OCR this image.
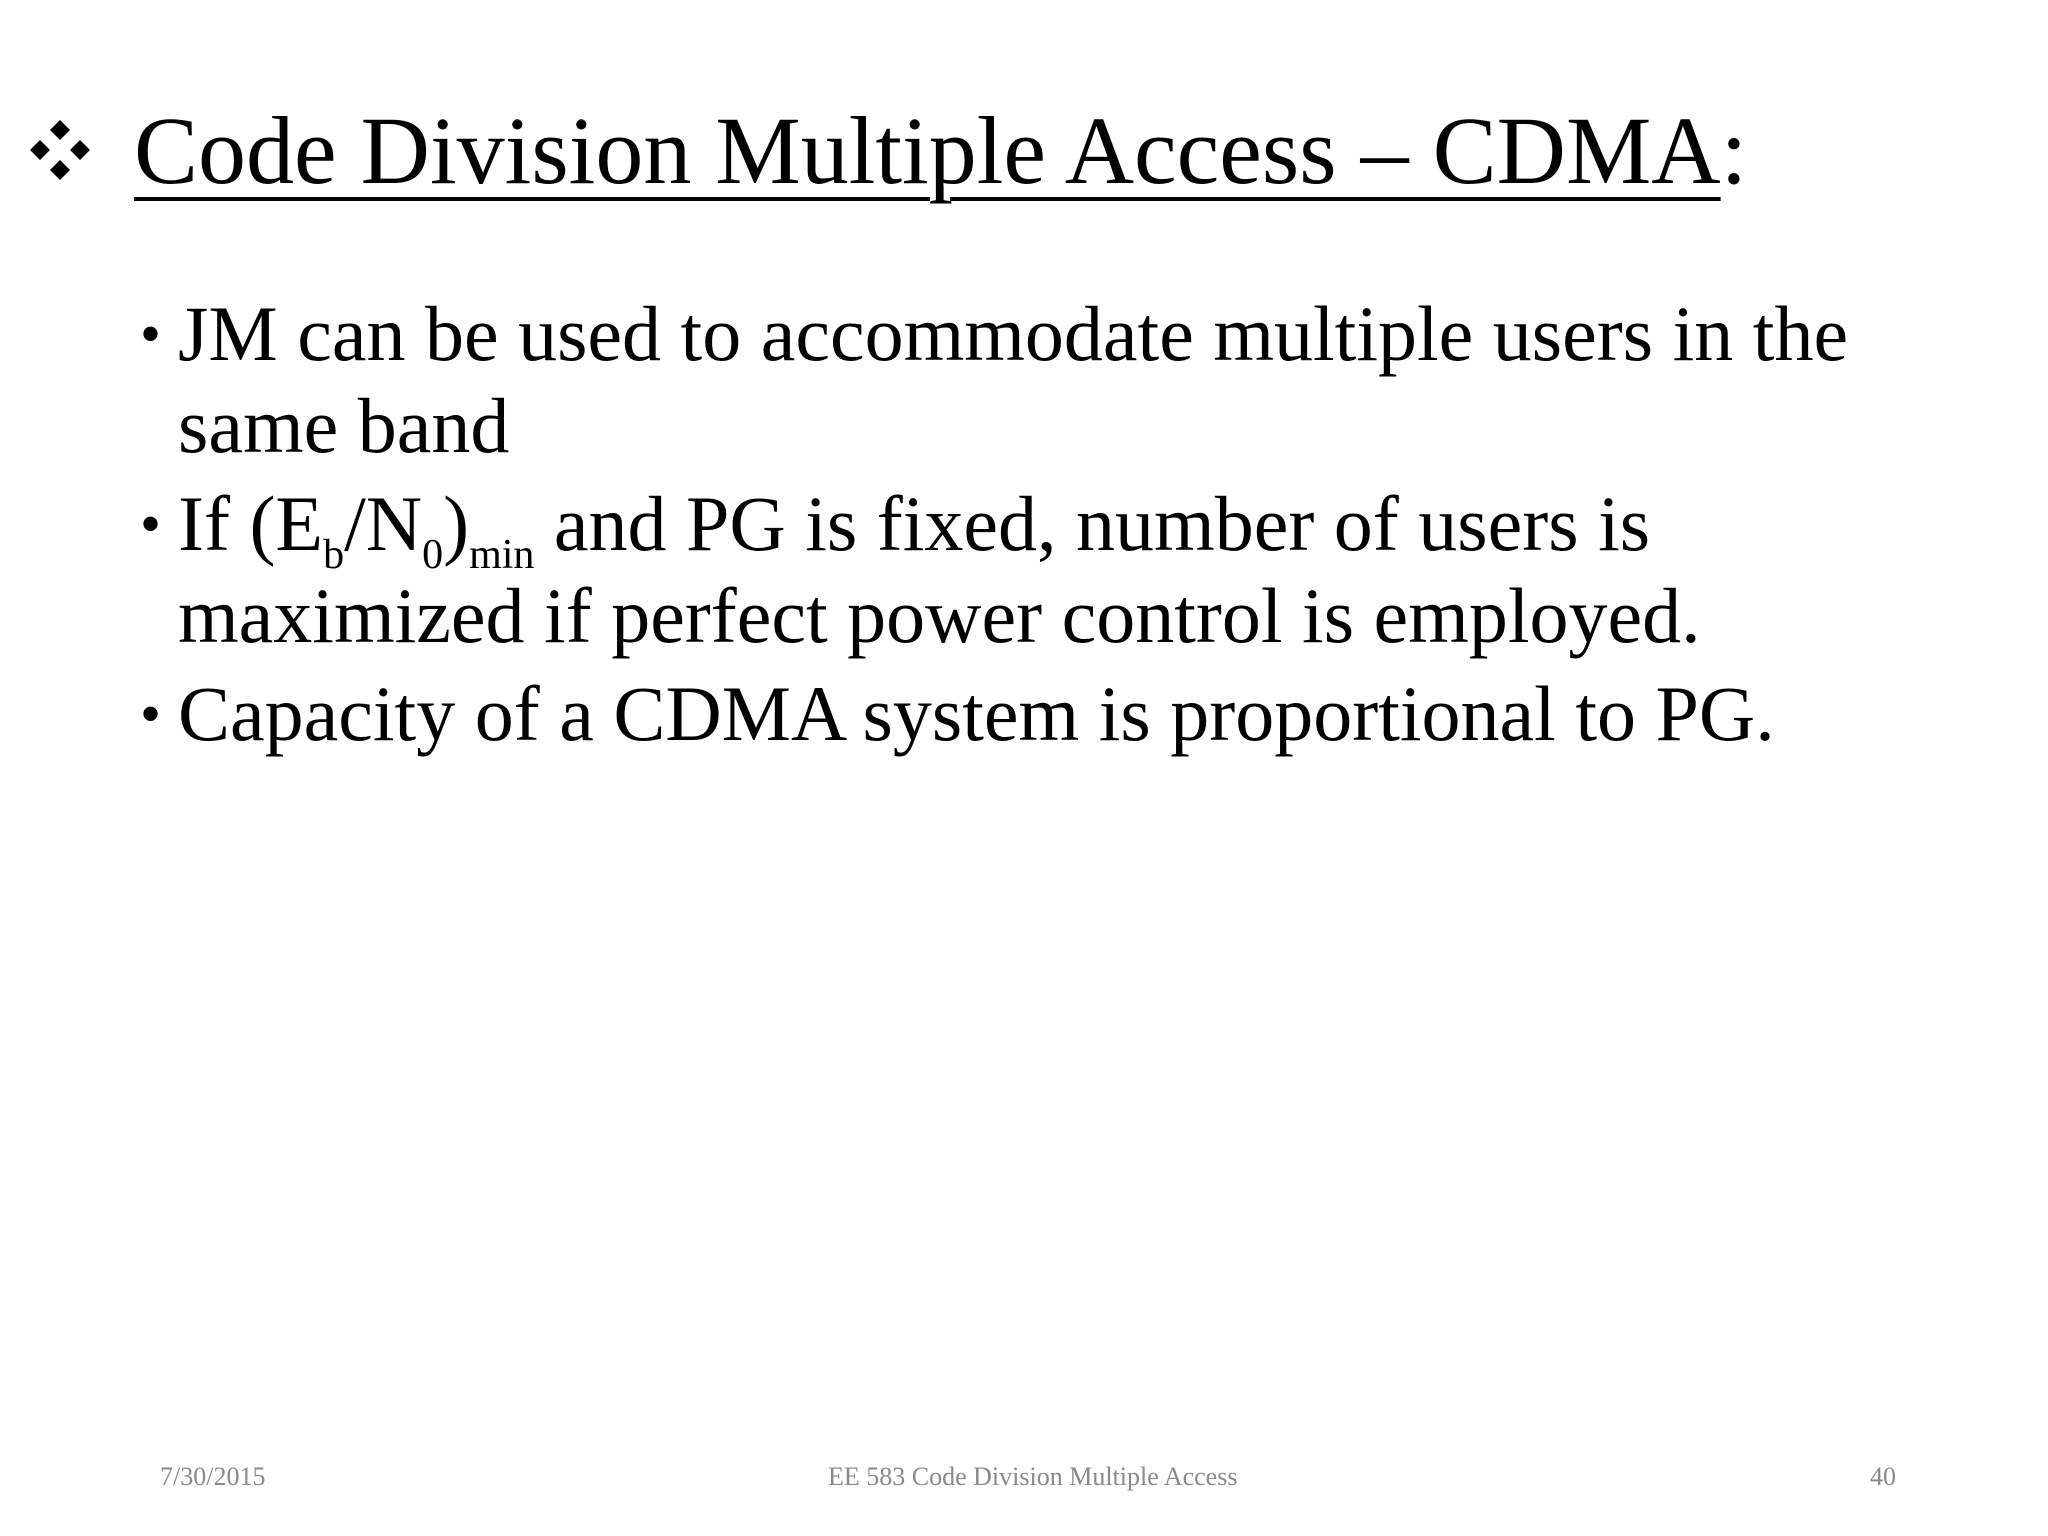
Code Division Multiple Access – CDMA:
• JM can be used to accommodate multiple users in the same band
• If $(E_b/N_0)_{min}$ and PG is fixed, number of users is maximized if perfect power control is employed.
• Capacity of a CDMA system is proportional to PG.
7/30/2015	EE 583 Code Division Multiple Access	40
